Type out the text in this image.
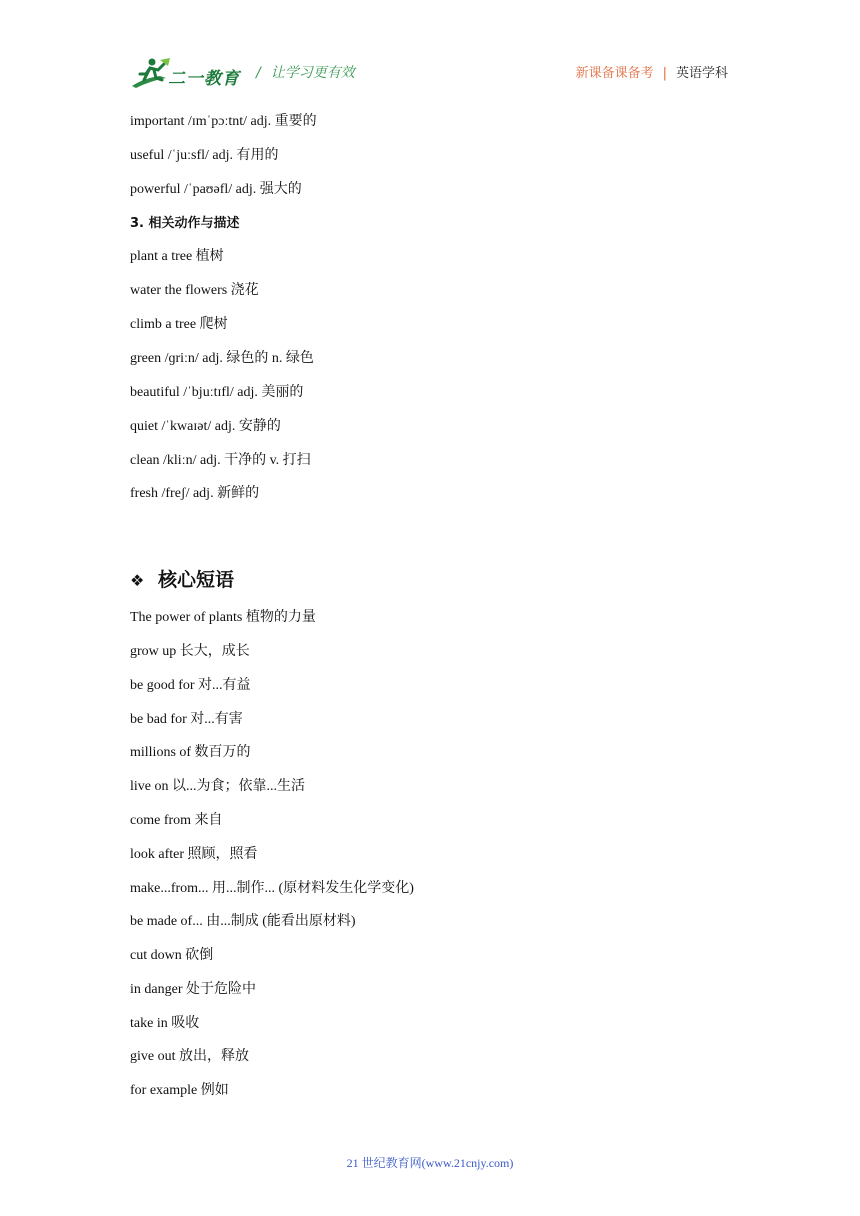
二一教育 / 让学习更有效	新课备课备考 | 英语学科
important /ɪmˈpɔːtnt/ adj. 重要的
useful /ˈjuːsfl/ adj. 有用的
powerful /ˈpaʊəfl/ adj. 强大的
3. 相关动作与描述
plant a tree 植树
water the flowers 浇花
climb a tree 爬树
green /ɡriːn/ adj. 绿色的 n. 绿色
beautiful /ˈbjuːtɪfl/ adj. 美丽的
quiet /ˈkwaɪət/ adj. 安静的
clean /kliːn/ adj. 干净的 v. 打扫
fresh /freʃ/ adj. 新鲜的
The power of plants 植物的力量
grow up 长大，成长
be good for 对...有益
be bad for 对...有害
millions of 数百万的
live on 以...为食；依靠...生活
come from 来自
look after 照顾，照看
make...from... 用...制作... (原材料发生化学变化)
be made of... 由...制成 (能看出原材料)
cut down 砍倒
in danger 处于危险中
take in 吸收
give out 放出，释放
for example 例如
❖ 核心短语
21 世纪教育网(www.21cnjy.com)
